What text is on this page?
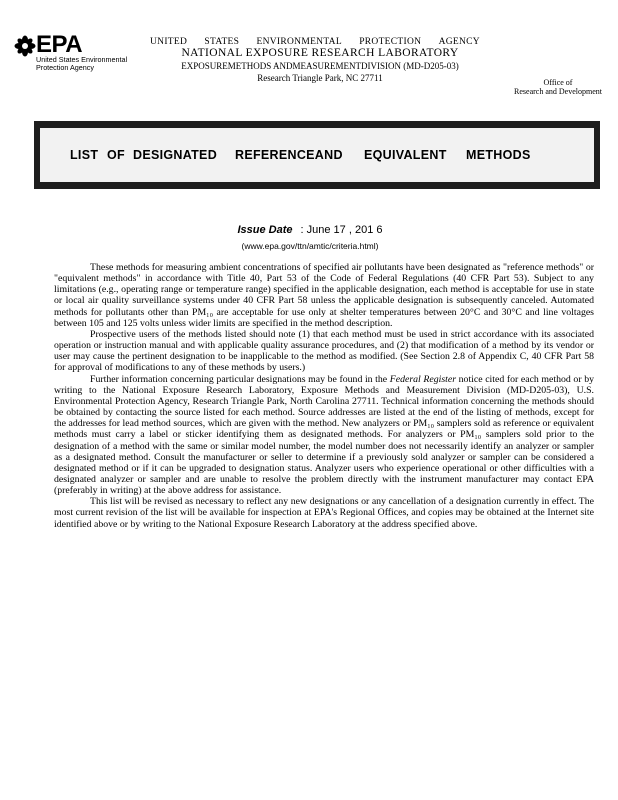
EPA
United States Environmental Protection Agency
UNITED STATES ENVIRONMENTAL PROTECTION AGENCY
NATIONAL EXPOSURE RESEARCH LABORATORY
EXPOSUREMETHODS ANDMEASUREMENTDIVISION (MD-D205-03)
Research Triangle Park, NC 27711	Office of
Research and Development
LIST OF DESIGNATED REFERENCEAND EQUIVALENT METHODS
Issue Date : June 17 , 201 6
(www.epa.gov/ttn/amtic/criteria.html)

These methods for measuring ambient concentrations of specified air pollutants have been designated as "reference methods" or "equivalent methods" in accordance with Title 40, Part 53 of the Code of Federal Regulations (40 CFR Part 53). Subject to any limitations (e.g., operating range or temperature range) specified in the applicable designation, each method is acceptable for use in state or local air quality surveillance systems under 40 CFR Part 58 unless the applicable designation is subsequently canceled. Automated methods for pollutants other than PM₁₀ are acceptable for use only at shelter temperatures between 20°C and 30°C and line voltages between 105 and 125 volts unless wider limits are specified in the method description.

Prospective users of the methods listed should note (1) that each method must be used in strict accordance with its associated operation or instruction manual and with applicable quality assurance procedures, and (2) that modification of a method by its vendor or user may cause the pertinent designation to be inapplicable to the method as modified. (See Section 2.8 of Appendix C, 40 CFR Part 58 for approval of modifications to any of these methods by users.)

Further information concerning particular designations may be found in the Federal Register notice cited for each method or by writing to the National Exposure Research Laboratory, Exposure Methods and Measurement Division (MD-D205-03), U.S. Environmental Protection Agency, Research Triangle Park, North Carolina 27711. Technical information concerning the methods should be obtained by contacting the source listed for each method. Source addresses are listed at the end of the listing of methods, except for the addresses for lead method sources, which are given with the method. New analyzers or PM₁₀ samplers sold as reference or equivalent methods must carry a label or sticker identifying them as designated methods. For analyzers or PM₁₀ samplers sold prior to the designation of a method with the same or similar model number, the model number does not necessarily identify an analyzer or sampler as a designated method. Consult the manufacturer or seller to determine if a previously sold analyzer or sampler can be considered a designated method or if it can be upgraded to designation status. Analyzer users who experience operational or other difficulties with a designated analyzer or sampler and are unable to resolve the problem directly with the instrument manufacturer may contact EPA (preferably in writing) at the above address for assistance.

This list will be revised as necessary to reflect any new designations or any cancellation of a designation currently in effect. The most current revision of the list will be available for inspection at EPA's Regional Offices, and copies may be obtained at the Internet site identified above or by writing to the National Exposure Research Laboratory at the address specified above.
